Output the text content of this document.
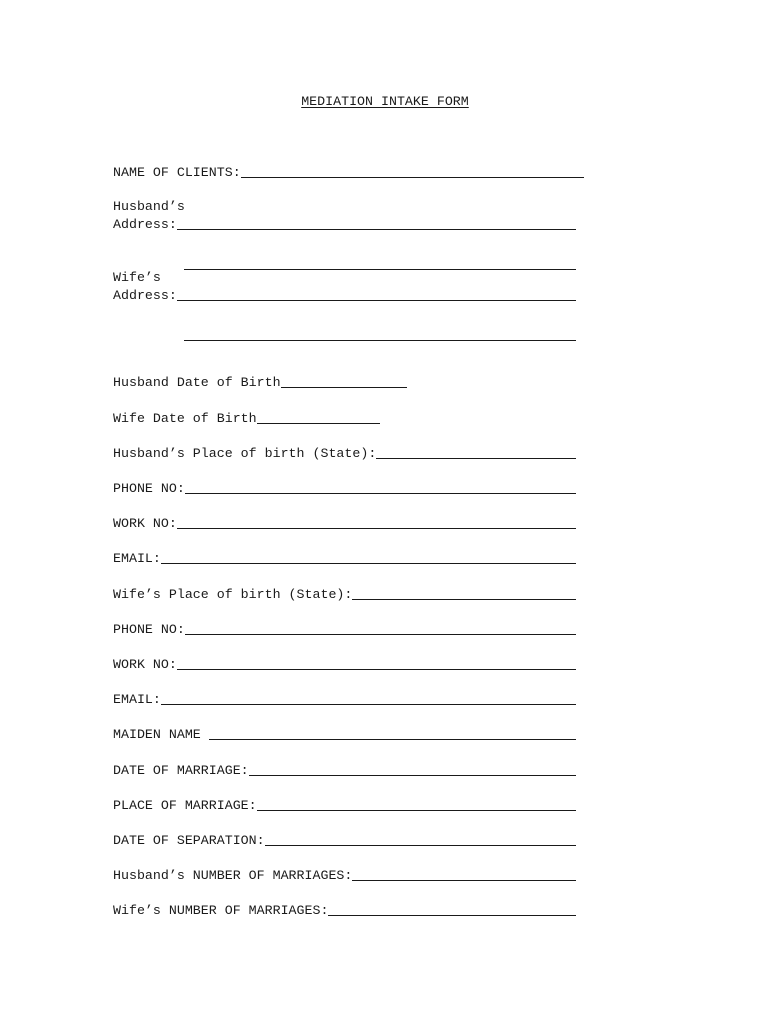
MEDIATION INTAKE FORM
NAME OF CLIENTS:
Husband’s
Address:
Wife’s
Address:
Husband Date of Birth
Wife Date of Birth
Husband’s Place of birth (State):
PHONE NO:
WORK NO:
EMAIL:
Wife’s Place of birth (State):
PHONE NO:
WORK NO:
EMAIL:
MAIDEN NAME
DATE OF MARRIAGE:
PLACE OF MARRIAGE:
DATE OF SEPARATION:
Husband’s NUMBER OF MARRIAGES:
Wife’s NUMBER OF MARRIAGES:
